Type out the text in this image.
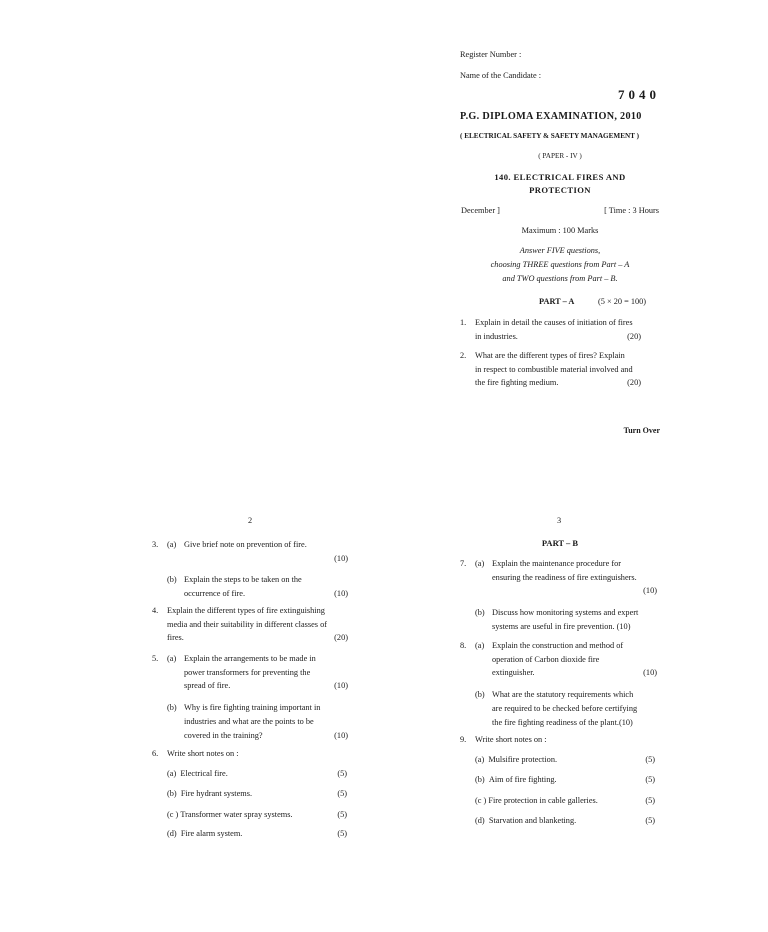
Register Number :
Name of the Candidate :
7040
P.G. DIPLOMA EXAMINATION, 2010
( ELECTRICAL SAFETY & SAFETY MANAGEMENT )
( PAPER - IV )
140. ELECTRICAL FIRES AND
PROTECTION
December ]	[ Time : 3 Hours
Maximum : 100 Marks
Answer FIVE questions,
choosing THREE questions from Part – A
and TWO questions from Part – B.
PART – A	(5 × 20 = 100)
1. Explain in detail the causes of initiation of fires
in industries.	(20)
2. What are the different types of fires? Explain
in respect to combustible material involved and
the fire fighting medium.	(20)
Turn Over
2
3. (a) Give brief note on prevention of fire.
(10)
(b) Explain the steps to be taken on the
occurrence of fire.	(10)
4. Explain the different types of fire extinguishing
media and their suitability in different classes of
fires.	(20)
5. (a) Explain the arrangements to be made in
power transformers for preventing the
spread of fire.	(10)
(b) Why is fire fighting training important in
industries and what are the points to be
covered in the training?	(10)
6. Write short notes on :
(a) Electrical fire.	(5)
(b) Fire hydrant systems.	(5)
(c ) Transformer water spray systems.	(5)
(d) Fire alarm system.	(5)
3
PART – B
7. (a) Explain the maintenance procedure for
ensuring the readiness of fire extinguishers.
(10)
(b) Discuss how monitoring systems and expert
systems are useful in fire prevention. (10)
8. (a) Explain the construction and method of
operation of Carbon dioxide fire
extinguisher.	(10)
(b) What are the statutory requirements which
are required to be checked before certifying
the fire fighting readiness of the plant.(10)
9. Write short notes on :
(a) Mulsifire protection.	(5)
(b) Aim of fire fighting.	(5)
(c ) Fire protection in cable galleries.	(5)
(d) Starvation and blanketing.	(5)
